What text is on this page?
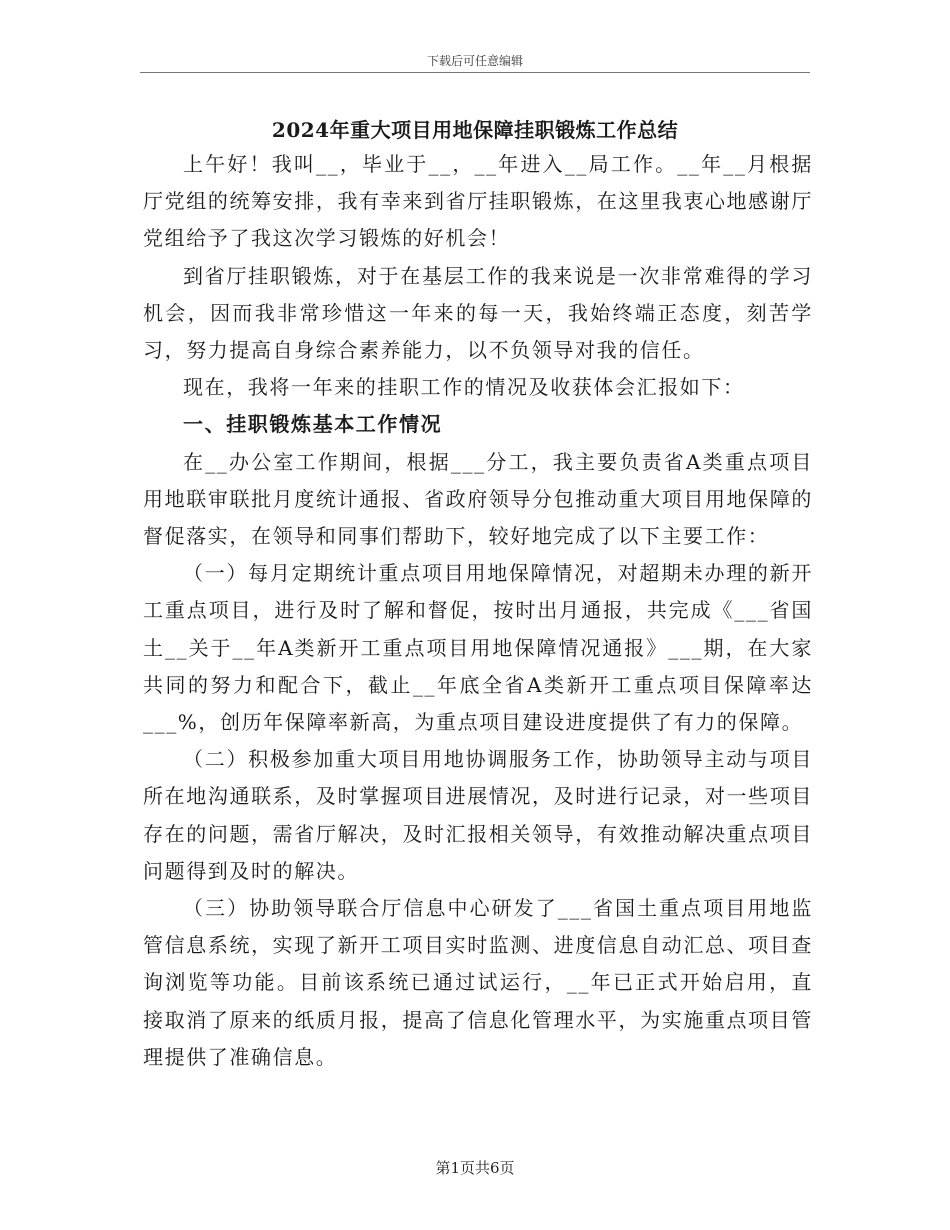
下载后可任意编辑
2024年重大项目用地保障挂职锻炼工作总结

上午好！我叫__，毕业于__，__年进入__局工作。__年__月根据厅党组的统筹安排，我有幸来到省厅挂职锻炼，在这里我衷心地感谢厅党组给予了我这次学习锻炼的好机会！

到省厅挂职锻炼，对于在基层工作的我来说是一次非常难得的学习机会，因而我非常珍惜这一年来的每一天，我始终端正态度，刻苦学习，努力提高自身综合素养能力，以不负领导对我的信任。

现在，我将一年来的挂职工作的情况及收获体会汇报如下：

一、挂职锻炼基本工作情况

在__办公室工作期间，根据___分工，我主要负责省A类重点项目用地联审联批月度统计通报、省政府领导分包推动重大项目用地保障的督促落实，在领导和同事们帮助下，较好地完成了以下主要工作：

（一）每月定期统计重点项目用地保障情况，对超期未办理的新开工重点项目，进行及时了解和督促，按时出月通报，共完成《___省国土__关于__年A类新开工重点项目用地保障情况通报》___期，在大家共同的努力和配合下，截止__年底全省A类新开工重点项目保障率达___%，创历年保障率新高，为重点项目建设进度提供了有力的保障。

（二）积极参加重大项目用地协调服务工作，协助领导主动与项目所在地沟通联系，及时掌握项目进展情况，及时进行记录，对一些项目存在的问题，需省厅解决，及时汇报相关领导，有效推动解决重点项目问题得到及时的解决。

（三）协助领导联合厅信息中心研发了___省国土重点项目用地监管信息系统，实现了新开工项目实时监测、进度信息自动汇总、项目查询浏览等功能。目前该系统已通过试运行，__年已正式开始启用，直接取消了原来的纸质月报，提高了信息化管理水平，为实施重点项目管理提供了准确信息。

第1页共6页
